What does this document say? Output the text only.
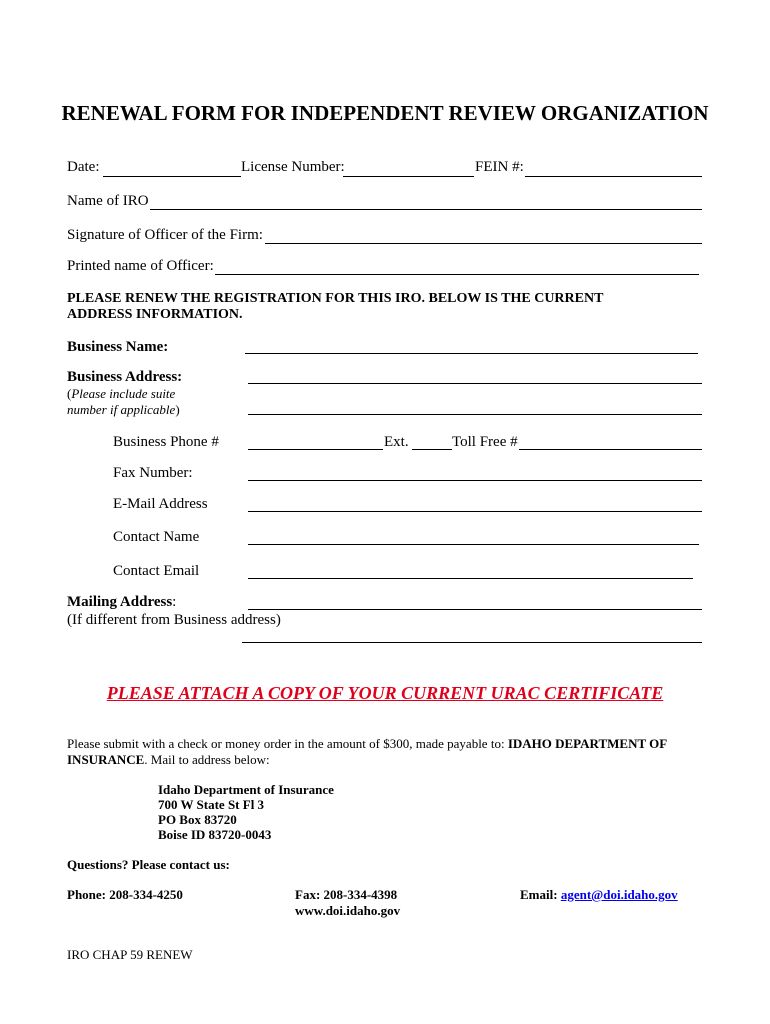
RENEWAL FORM FOR INDEPENDENT REVIEW ORGANIZATION
Date:	License Number:	FEIN #:
Name of IRO
Signature of Officer of the Firm:
Printed name of Officer:
PLEASE RENEW THE REGISTRATION FOR THIS IRO. BELOW IS THE CURRENT
ADDRESS INFORMATION.
Business Name:
Business Address:
(Please include suite
number if applicable)
Business Phone #	Ext.	Toll Free #
Fax Number:
E-Mail Address
Contact Name
Contact Email
Mailing Address:
(If different from Business address)
PLEASE ATTACH A COPY OF YOUR CURRENT URAC CERTIFICATE
Please submit with a check or money order in the amount of $300, made payable to: IDAHO DEPARTMENT OF
INSURANCE. Mail to address below:
Idaho Department of Insurance
700 W State St Fl 3
PO Box 83720
Boise ID 83720-0043
Questions? Please contact us:
Phone: 208-334-4250	Fax: 208-334-4398
www.doi.idaho.gov
Email: agent@doi.idaho.gov
IRO CHAP 59 RENEW
